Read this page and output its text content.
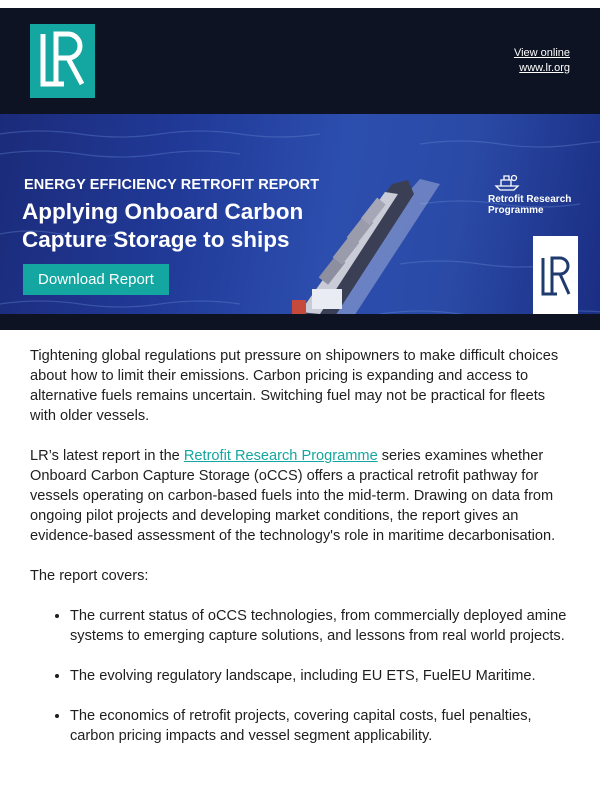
View online
www.lr.org
ENERGY EFFICIENCY RETROFIT REPORT
Applying Onboard Carbon Capture Storage to ships
Download Report
Retrofit Research Programme

Tightening global regulations put pressure on shipowners to make difficult choices about how to limit their emissions. Carbon pricing is expanding and access to alternative fuels remains uncertain. Switching fuel may not be practical for fleets with older vessels.

LR’s latest report in the Retrofit Research Programme series examines whether Onboard Carbon Capture Storage (oCCS) offers a practical retrofit pathway for vessels operating on carbon-based fuels into the mid-term. Drawing on data from ongoing pilot projects and developing market conditions, the report gives an evidence-based assessment of the technology's role in maritime decarbonisation.

The report covers:

• The current status of oCCS technologies, from commercially deployed amine systems to emerging capture solutions, and lessons from real world projects.
• The evolving regulatory landscape, including EU ETS, FuelEU Maritime.
• The economics of retrofit projects, covering capital costs, fuel penalties, carbon pricing impacts and vessel segment applicability.
